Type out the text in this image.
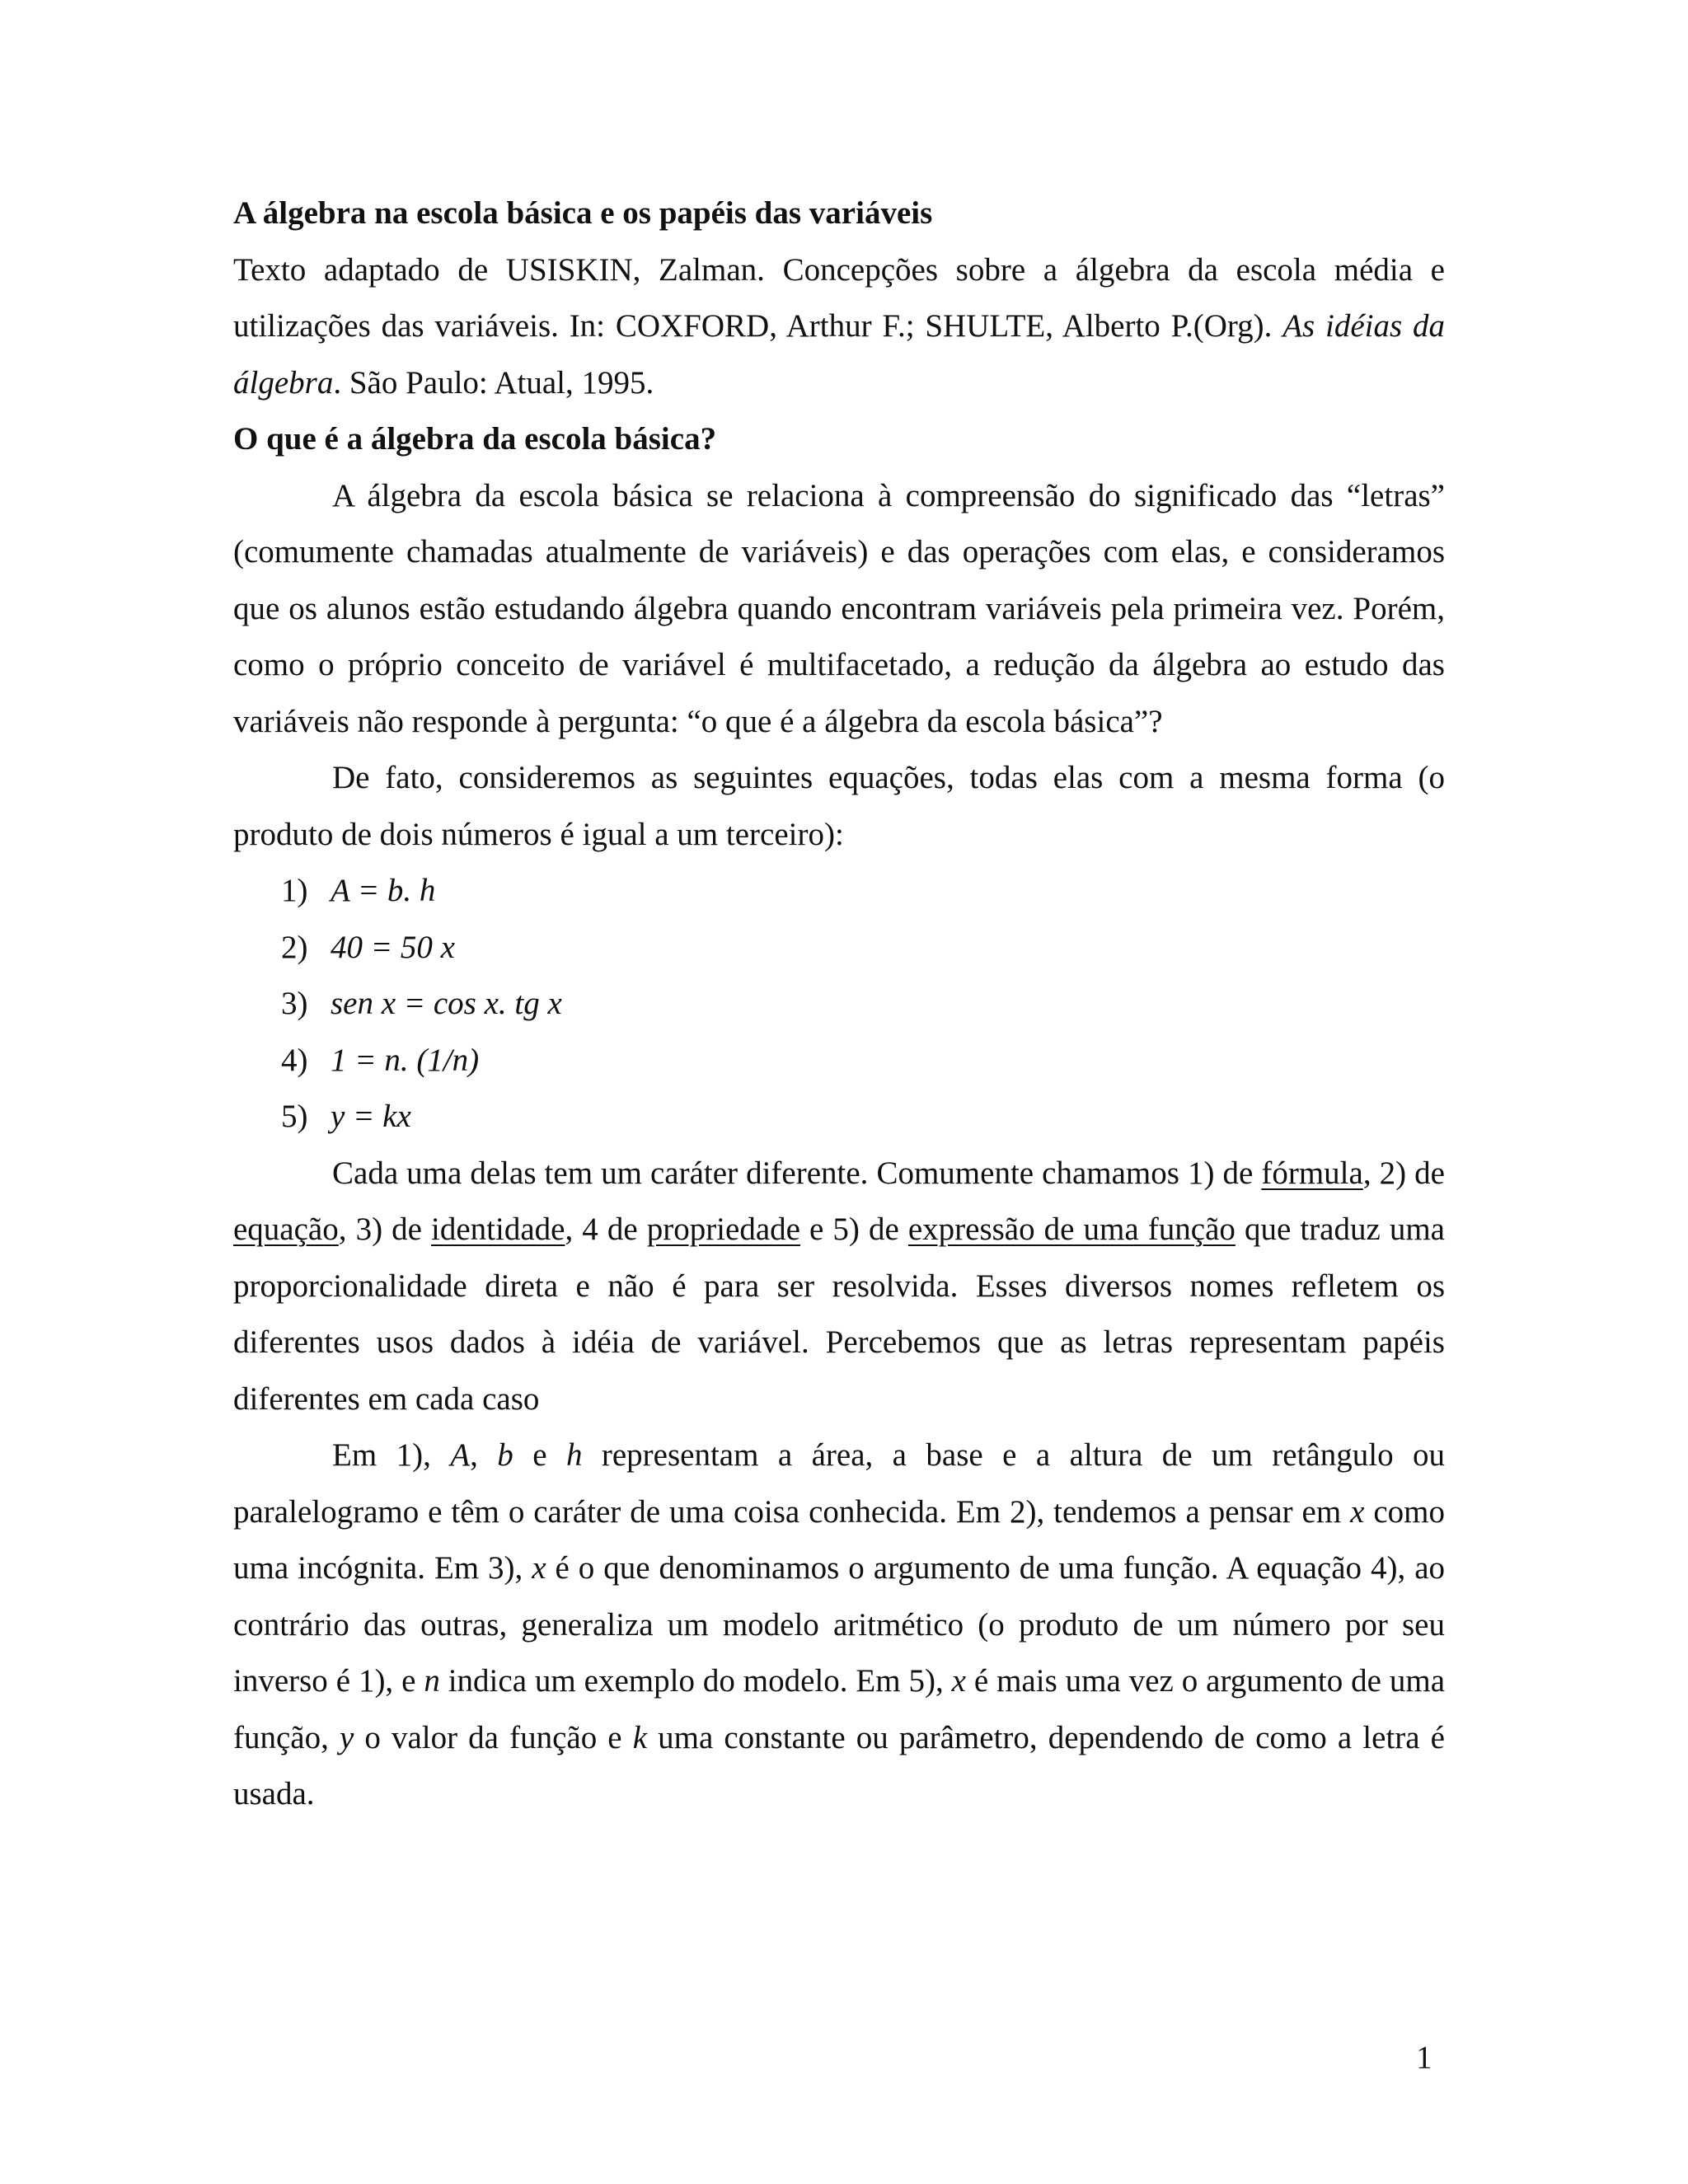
A álgebra na escola básica e os papéis das variáveis

Texto adaptado de USISKIN, Zalman. Concepções sobre a álgebra da escola média e utilizações das variáveis. In: COXFORD, Arthur F.; SHULTE, Alberto P.(Org). As idéias da álgebra. São Paulo: Atual, 1995.

O que é a álgebra da escola básica?

A álgebra da escola básica se relaciona à compreensão do significado das “letras” (comumente chamadas atualmente de variáveis) e das operações com elas, e consideramos que os alunos estão estudando álgebra quando encontram variáveis pela primeira vez. Porém, como o próprio conceito de variável é multifacetado, a redução da álgebra ao estudo das variáveis não responde à pergunta: “o que é a álgebra da escola básica”?

De fato, consideremos as seguintes equações, todas elas com a mesma forma (o produto de dois números é igual a um terceiro):

1) A = b. h
2) 40 = 50 x
3) sen x = cos x. tg x
4) 1 = n. (1/n)
5) y = kx

Cada uma delas tem um caráter diferente. Comumente chamamos 1) de fórmula, 2) de equação, 3) de identidade, 4 de propriedade e 5) de expressão de uma função que traduz uma proporcionalidade direta e não é para ser resolvida. Esses diversos nomes refletem os diferentes usos dados à idéia de variável. Percebemos que as letras representam papéis diferentes em cada caso

Em 1), A, b e h representam a área, a base e a altura de um retângulo ou paralelogramo e têm o caráter de uma coisa conhecida. Em 2), tendemos a pensar em x como uma incógnita. Em 3), x é o que denominamos o argumento de uma função. A equação 4), ao contrário das outras, generaliza um modelo aritmético (o produto de um número por seu inverso é 1), e n indica um exemplo do modelo. Em 5), x é mais uma vez o argumento de uma função, y o valor da função e k uma constante ou parâmetro, dependendo de como a letra é usada.

1
